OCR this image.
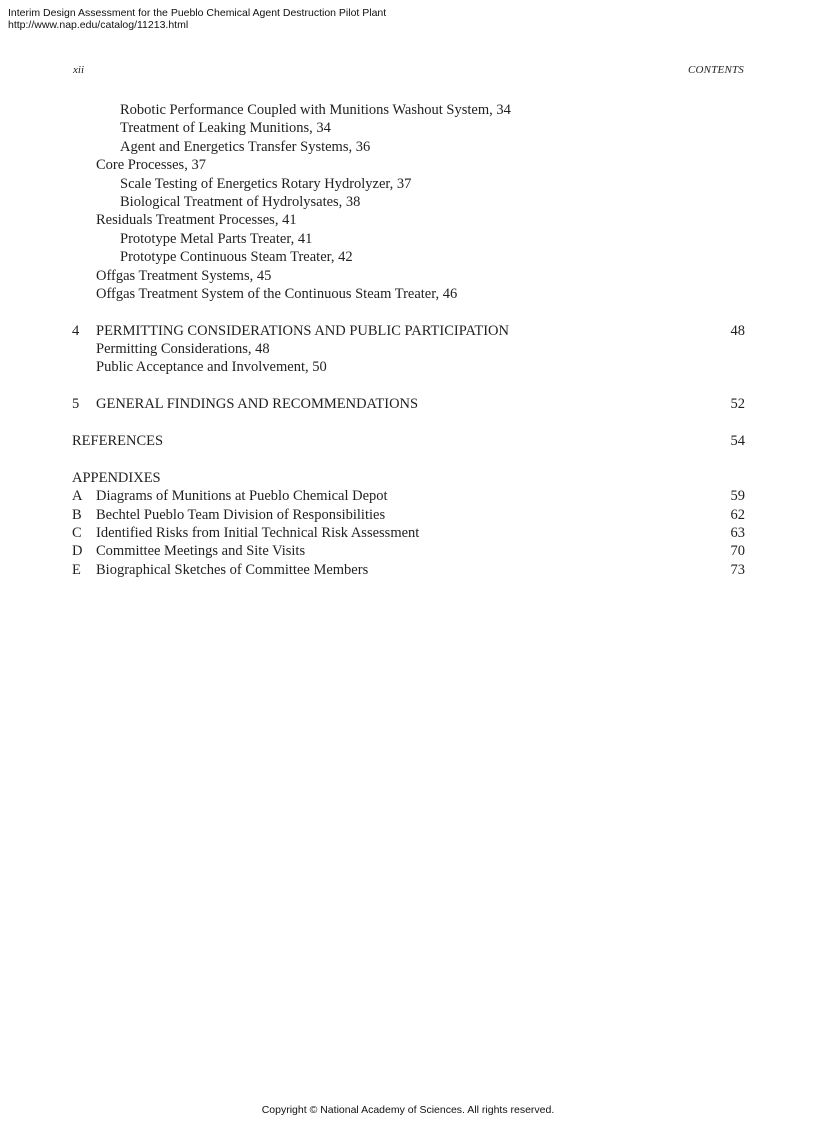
Interim Design Assessment for the Pueblo Chemical Agent Destruction Pilot Plant
http://www.nap.edu/catalog/11213.html
xii	CONTENTS
Robotic Performance Coupled with Munitions Washout System, 34
Treatment of Leaking Munitions, 34
Agent and Energetics Transfer Systems, 36
Core Processes, 37
Scale Testing of Energetics Rotary Hydrolyzer, 37
Biological Treatment of Hydrolysates, 38
Residuals Treatment Processes, 41
Prototype Metal Parts Treater, 41
Prototype Continuous Steam Treater, 42
Offgas Treatment Systems, 45
Offgas Treatment System of the Continuous Steam Treater, 46
4 PERMITTING CONSIDERATIONS AND PUBLIC PARTICIPATION	48
Permitting Considerations, 48
Public Acceptance and Involvement, 50
5 GENERAL FINDINGS AND RECOMMENDATIONS	52
REFERENCES	54
APPENDIXES
A Diagrams of Munitions at Pueblo Chemical Depot	59
B Bechtel Pueblo Team Division of Responsibilities	62
C Identified Risks from Initial Technical Risk Assessment	63
D Committee Meetings and Site Visits	70
E Biographical Sketches of Committee Members	73
Copyright © National Academy of Sciences. All rights reserved.
